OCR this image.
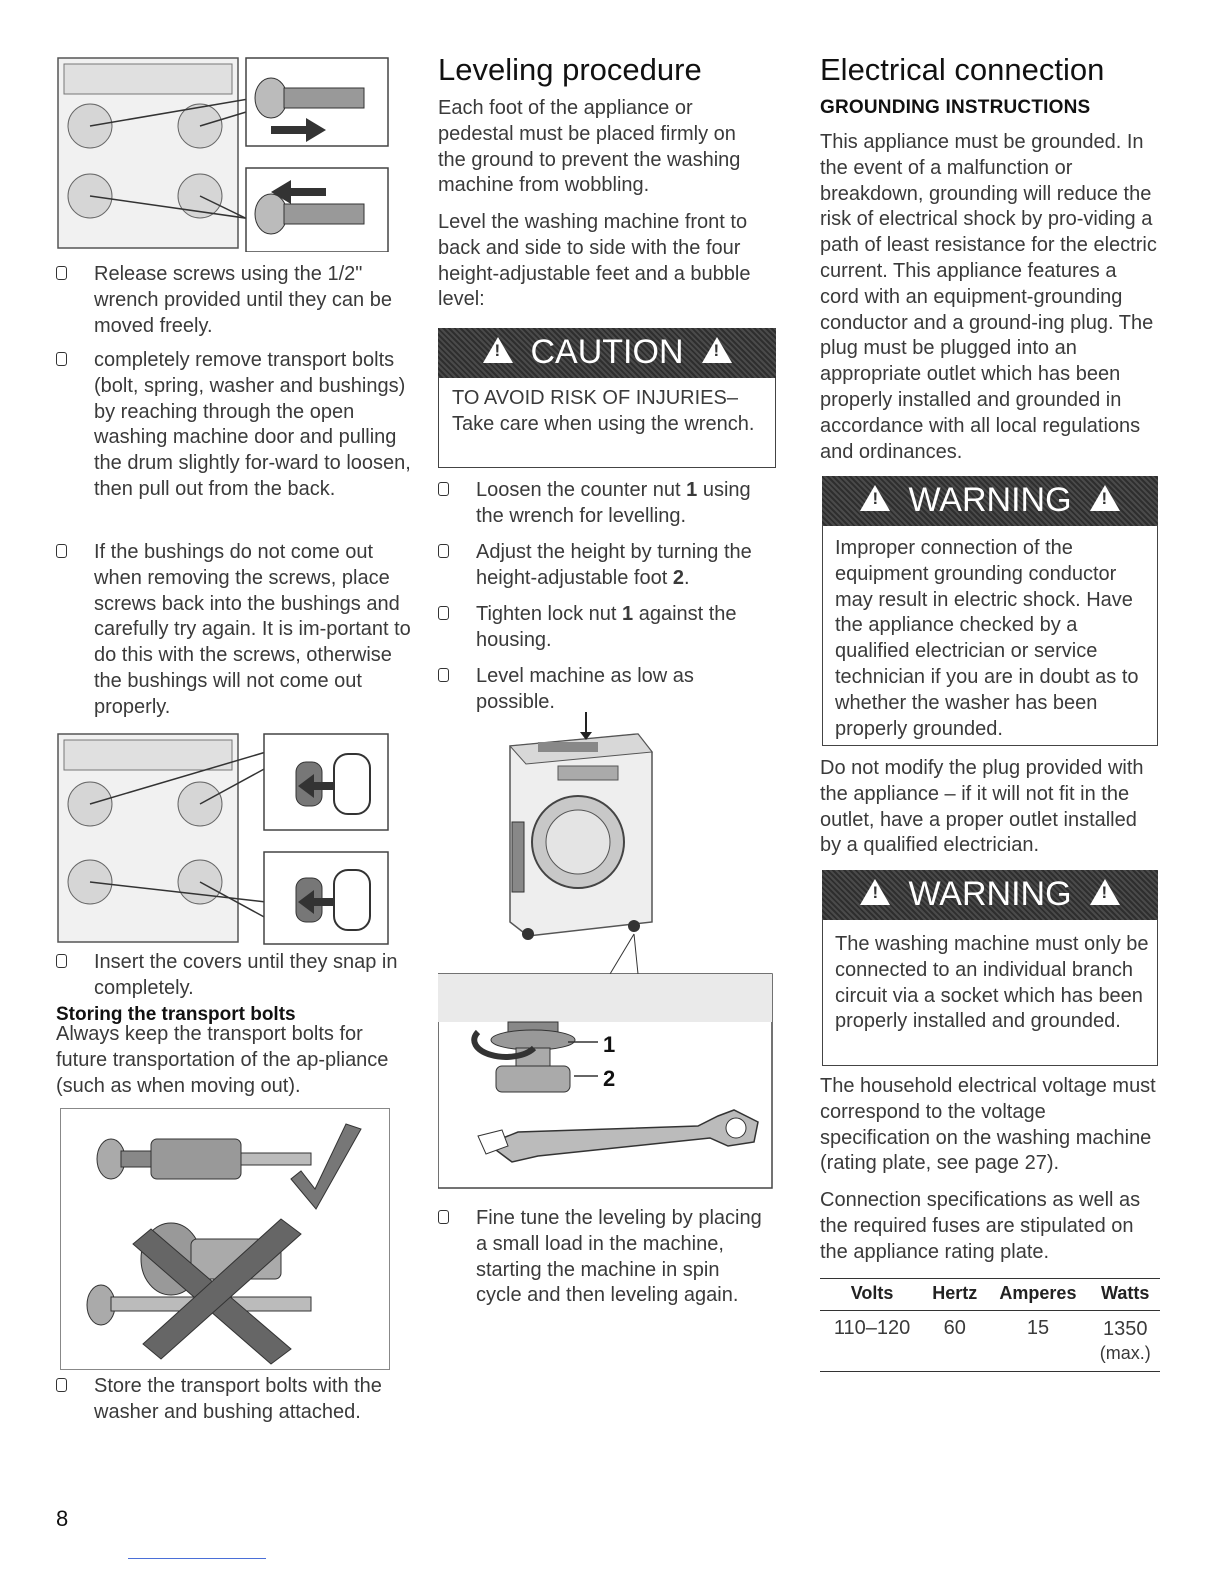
Release screws using the 1/2" wrench provided until they can be moved freely.

completely remove transport bolts (bolt, spring, washer and bushings) by reaching through the open washing machine door and pulling the drum slightly for-ward to loosen, then pull out from the back.

If the bushings do not come out when removing the screws, place screws back into the bushings and carefully try again. It is im-portant to do this with the screws, otherwise the bushings will not come out properly.

Insert the covers until they snap in completely.

Storing the transport bolts

Always keep the transport bolts for future transportation of the ap-pliance (such as when moving out).

Store the transport bolts with the washer and bushing attached.

Leveling procedure

Each foot of the appliance or pedestal must be placed firmly on the ground to prevent the washing machine from wobbling.

Level the washing machine front to back and side to side with the four height-adjustable feet and a bubble level:

!CAUTION!

TO AVOID RISK OF INJURIES– Take care when using the wrench.

Loosen the counter nut 1 using the wrench for levelling.

Adjust the height by turning the height-adjustable foot 2.

Tighten lock nut 1 against the housing.

Level machine as low as possible.

1
2

Fine tune the leveling by placing a small load in the machine, starting the machine in spin cycle and then leveling again.

Electrical connection

GROUNDING INSTRUCTIONS

This appliance must be grounded. In the event of a malfunction or breakdown, grounding will reduce the risk of electrical shock by pro-viding a path of least resistance for the electric current. This appliance features a cord with an equipment-grounding conductor and a ground-ing plug. The plug must be plugged into an appropriate outlet which has been properly installed and grounded in accordance with all local regulations and ordinances.

!WARNING!

Improper connection of the equipment grounding conductor may result in electric shock. Have the appliance checked by a qualified electrician or service technician if you are in doubt as to whether the washer has been properly grounded.

Do not modify the plug provided with the appliance – if it will not fit in the outlet, have a proper outlet installed by a qualified electrician.

!WARNING!

The washing machine must only be connected to an individual branch circuit via a socket which has been properly installed and grounded.

The household electrical voltage must correspond to the voltage specification on the washing machine (rating plate, see page 27).

Connection specifications as well as the required fuses are stipulated on the appliance rating plate.

Volts	Hertz	Amperes	Watts
110–120	60	15	1350
(max.)
8
